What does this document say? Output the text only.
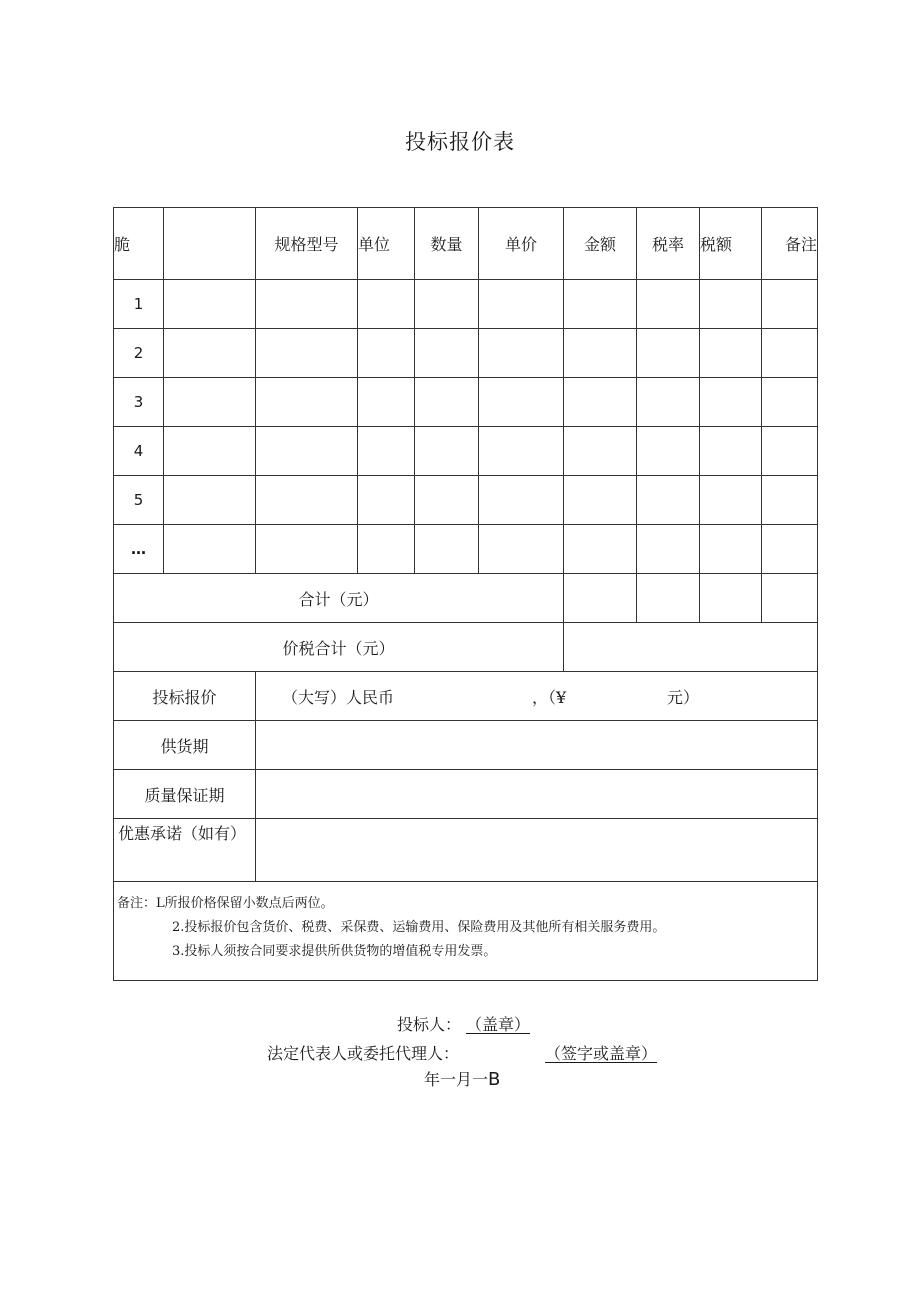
投标报价表
脆		规格型号	单位	数量	单价	金额	税率	税额	备注
1									
2									
3									
4									
5									
…									
合计（元）									
价税合计（元）									
投标报价		（大写）人民币 ，（¥ 元）							
供货期									
质量保证期									
优惠承诺（如有）									

备注：L所报价格保留小数点后两位。
2.投标报价包含货价、税费、采保费、运输费用、保险费用及其他所有相关服务费用。
3.投标人须按合同要求提供所供货物的增值税专用发票。									
投标人： （盖章）
法定代表人或委托代理人：	（签字或盖章）
年一月一B
